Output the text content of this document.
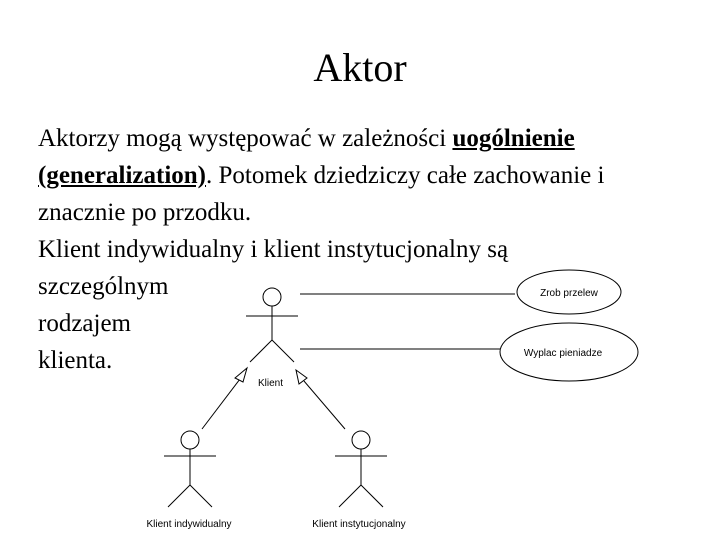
Aktor

Aktorzy mogą występować w zależności uogólnienie
(generalization). Potomek dziedziczy całe zachowanie i znacznie po przodku.

Klient indywidualny i klient instytucjonalny są
szczególnym
rodzajem
klienta.

Zrob przelew
Wyplac pieniadze
Klient
Klient indywidualny	Klient instytucjonalny
